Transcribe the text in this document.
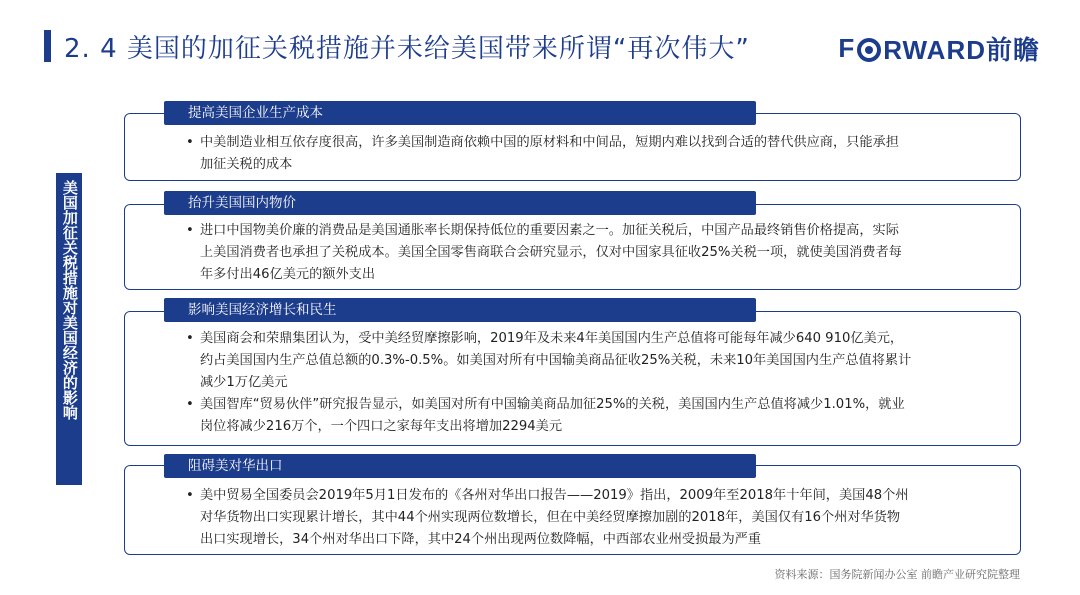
2. 4 美国的加征关税措施并未给美国带来所谓“再次伟大”	F RWARD前瞻
美国加征关税措施对美国经济的影响
提高美国企业生产成本
• 中美制造业相互依存度很高，许多美国制造商依赖中国的原材料和中间品，短期内难以找到合适的替代供应商，只能承担加征关税的成本
抬升美国国内物价
• 进口中国物美价廉的消费品是美国通胀率长期保持低位的重要因素之一。加征关税后，中国产品最终销售价格提高，实际上美国消费者也承担了关税成本。美国全国零售商联合会研究显示，仅对中国家具征收25%关税一项，就使美国消费者每年多付出46亿美元的额外支出
影响美国经济增长和民生
• 美国商会和荣鼎集团认为，受中美经贸摩擦影响，2019年及未来4年美国国内生产总值将可能每年减少640 910亿美元，约占美国国内生产总值总额的0.3%-0.5%。如美国对所有中国输美商品征收25%关税，未来10年美国国内生产总值将累计减少1万亿美元
• 美国智库“贸易伙伴”研究报告显示，如美国对所有中国输美商品加征25%的关税，美国国内生产总值将减少1.01%，就业岗位将减少216万个，一个四口之家每年支出将增加2294美元
阻碍美对华出口
• 美中贸易全国委员会2019年5月1日发布的《各州对华出口报告——2019》指出，2009年至2018年十年间，美国48个州对华货物出口实现累计增长，其中44个州实现两位数增长，但在中美经贸摩擦加剧的2018年，美国仅有16个州对华货物出口实现增长，34个州对华出口下降，其中24个州出现两位数降幅，中西部农业州受损最为严重
资料来源：国务院新闻办公室 前瞻产业研究院整理
